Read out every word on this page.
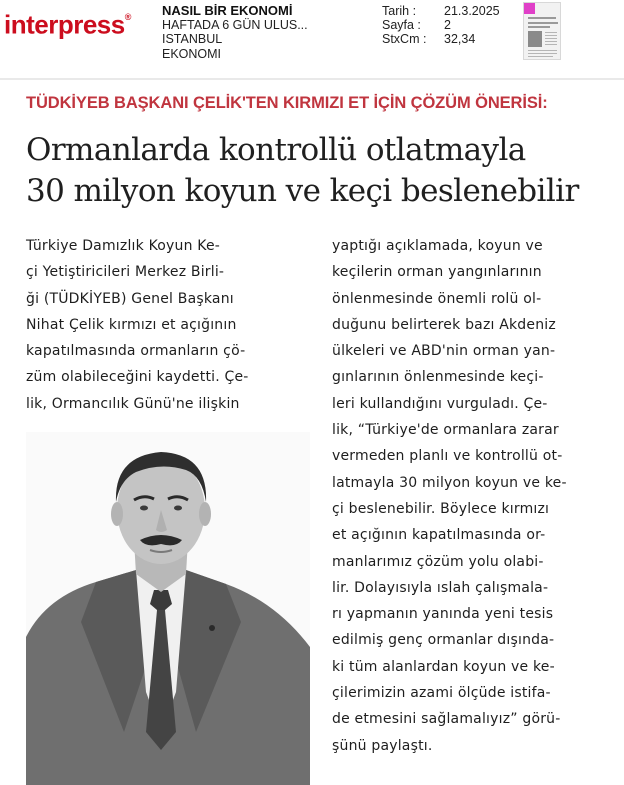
interpress® NASIL BİR EKONOMİ
HAFTADA 6 GÜN ULUS...
ISTANBUL
EKONOMI
Tarih :	21.3.2025
Sayfa :	2
StxCm :	32,34
TÜDKİYEB BAŞKANI ÇELİK'TEN KIRMIZI ET İÇİN ÇÖZÜM ÖNERİSİ:
Ormanlarda kontrollü otlatmayla
30 milyon koyun ve keçi beslenebilir
Türkiye Damızlık Koyun Ke-
çi Yetiştiricileri Merkez Birli-
ği (TÜDKİYEB) Genel Başkanı
Nihat Çelik kırmızı et açığının
kapatılmasında ormanların çö-
züm olabileceğini kaydetti. Çe-
lik, Ormancılık Günü'ne ilişkin
yaptığı açıklamada, koyun ve
keçilerin orman yangınlarının
önlenmesinde önemli rolü ol-
duğunu belirterek bazı Akdeniz
ülkeleri ve ABD'nin orman yan-
gınlarının önlenmesinde keçi-
leri kullandığını vurguladı. Çe-
lik, “Türkiye'de ormanlara zarar
vermeden planlı ve kontrollü ot-
latmayla 30 milyon koyun ve ke-
çi beslenebilir. Böylece kırmızı
et açığının kapatılmasında or-
manlarımız çözüm yolu olabi-
lir. Dolayısıyla ıslah çalışmala-
rı yapmanın yanında yeni tesis
edilmiş genç ormanlar dışında-
ki tüm alanlardan koyun ve ke-
çilerimizin azami ölçüde istifa-
de etmesini sağlamalıyız” görü-
şünü paylaştı.
